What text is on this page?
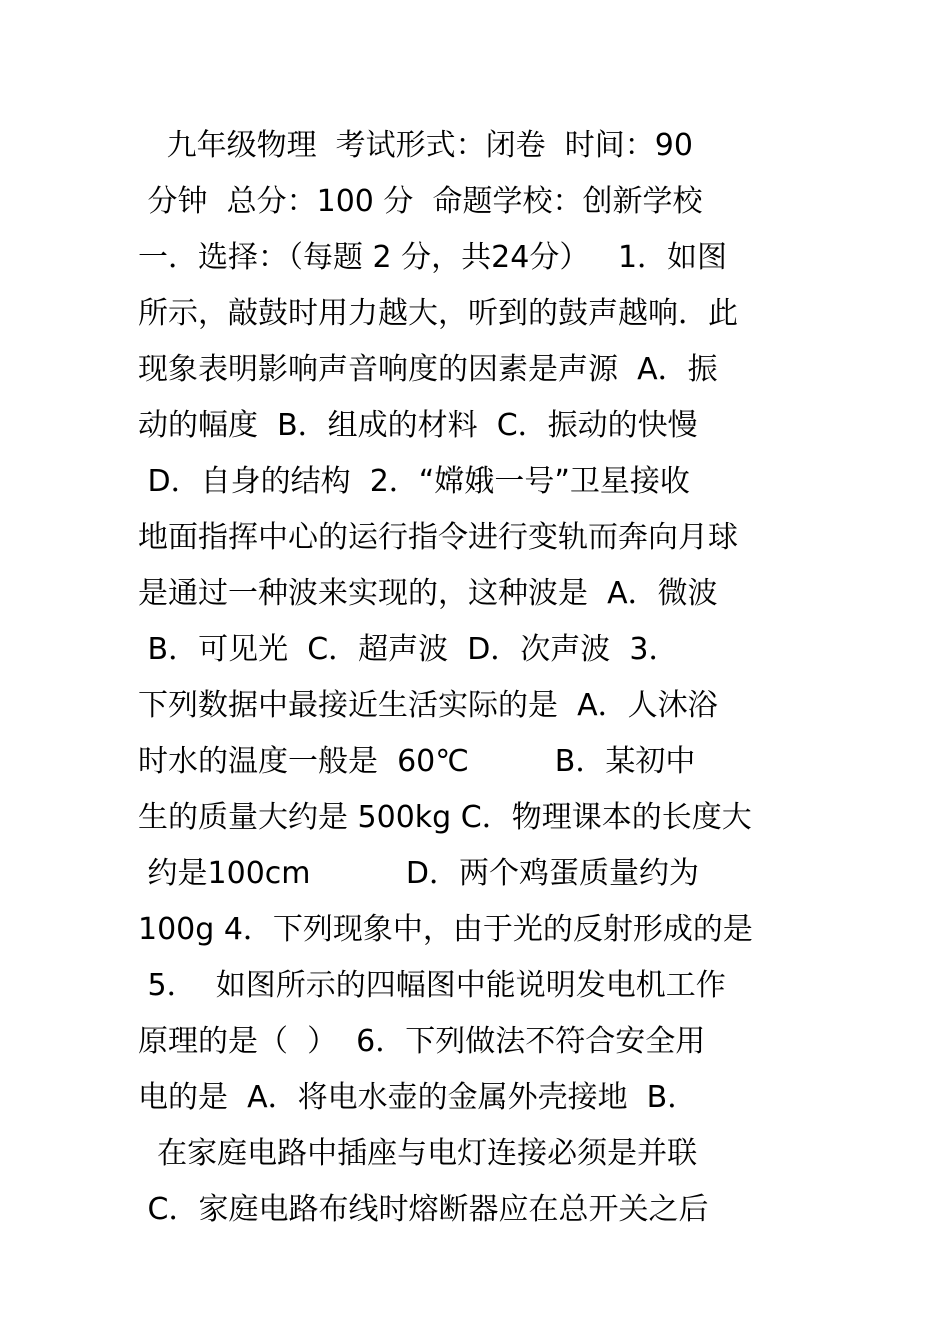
九年级物理  考试形式：闭卷  时间：90
分钟  总分：100 分  命题学校：创新学校
一．选择：（每题 2 分，共24分）   1．如图
所示，敲鼓时用力越大，听到的鼓声越响．此
现象表明影响声音响度的因素是声源  A．振
动的幅度  B．组成的材料  C．振动的快慢
D．自身的结构  2．“嫦娥一号”卫星接收
地面指挥中心的运行指令进行变轨而奔向月球
是通过一种波来实现的，这种波是  A．微波
B．可见光  C．超声波  D．次声波  3．
下列数据中最接近生活实际的是  A．人沐浴
时水的温度一般是  60℃         B．某初中
生的质量大约是 500kg C．物理课本的长度大
约是100cm          D．两个鸡蛋质量约为
100g 4．下列现象中，由于光的反射形成的是
5．  如图所示的四幅图中能说明发电机工作
原理的是（  ）  6．下列做法不符合安全用
电的是  A．将电水壶的金属外壳接地  B．
在家庭电路中插座与电灯连接必须是并联
C．家庭电路布线时熔断器应在总开关之后
